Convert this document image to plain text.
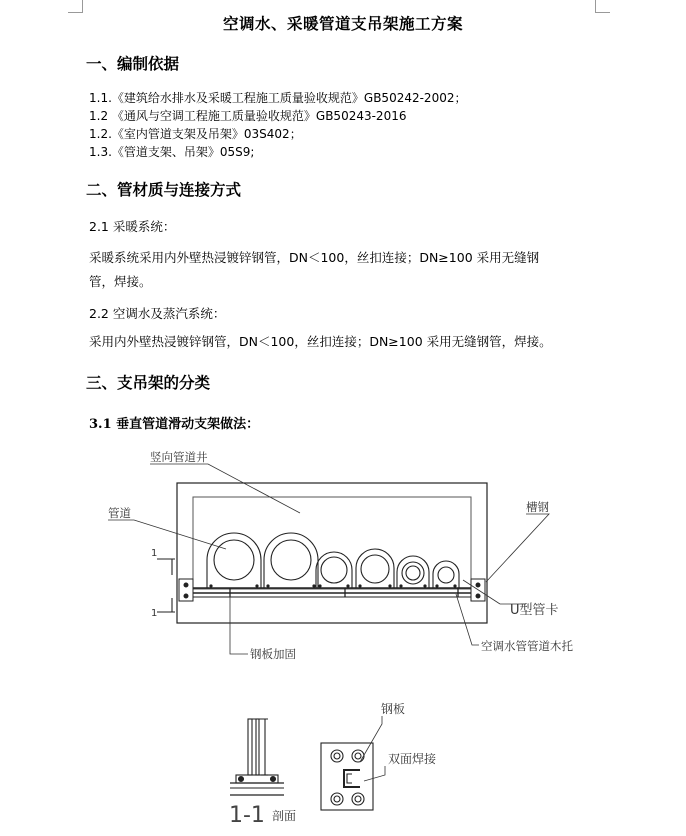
空调水、采暖管道支吊架施工方案
一、编制依据
1.1.《建筑给水排水及采暖工程施工质量验收规范》GB50242-2002；
1.2 《通风与空调工程施工质量验收规范》GB50243-2016
1.2.《室内管道支架及吊架》03S402；
1.3.《管道支架、吊架》05S9;
二、管材质与连接方式
2.1 采暖系统：
采暖系统采用内外壁热浸镀锌钢管，DN＜100，丝扣连接；DN≥100 采用无缝钢
管，焊接。
2.2 空调水及蒸汽系统：
采用内外壁热浸镀锌钢管，DN＜100，丝扣连接；DN≥100 采用无缝钢管，焊接。
三、支吊架的分类
3.1 垂直管道滑动支架做法：
1
1
竖向管道井
管道	槽钢
U型管卡
钢板加固
空调水管管道木托
钢板
双面焊接
1-1 剖面
